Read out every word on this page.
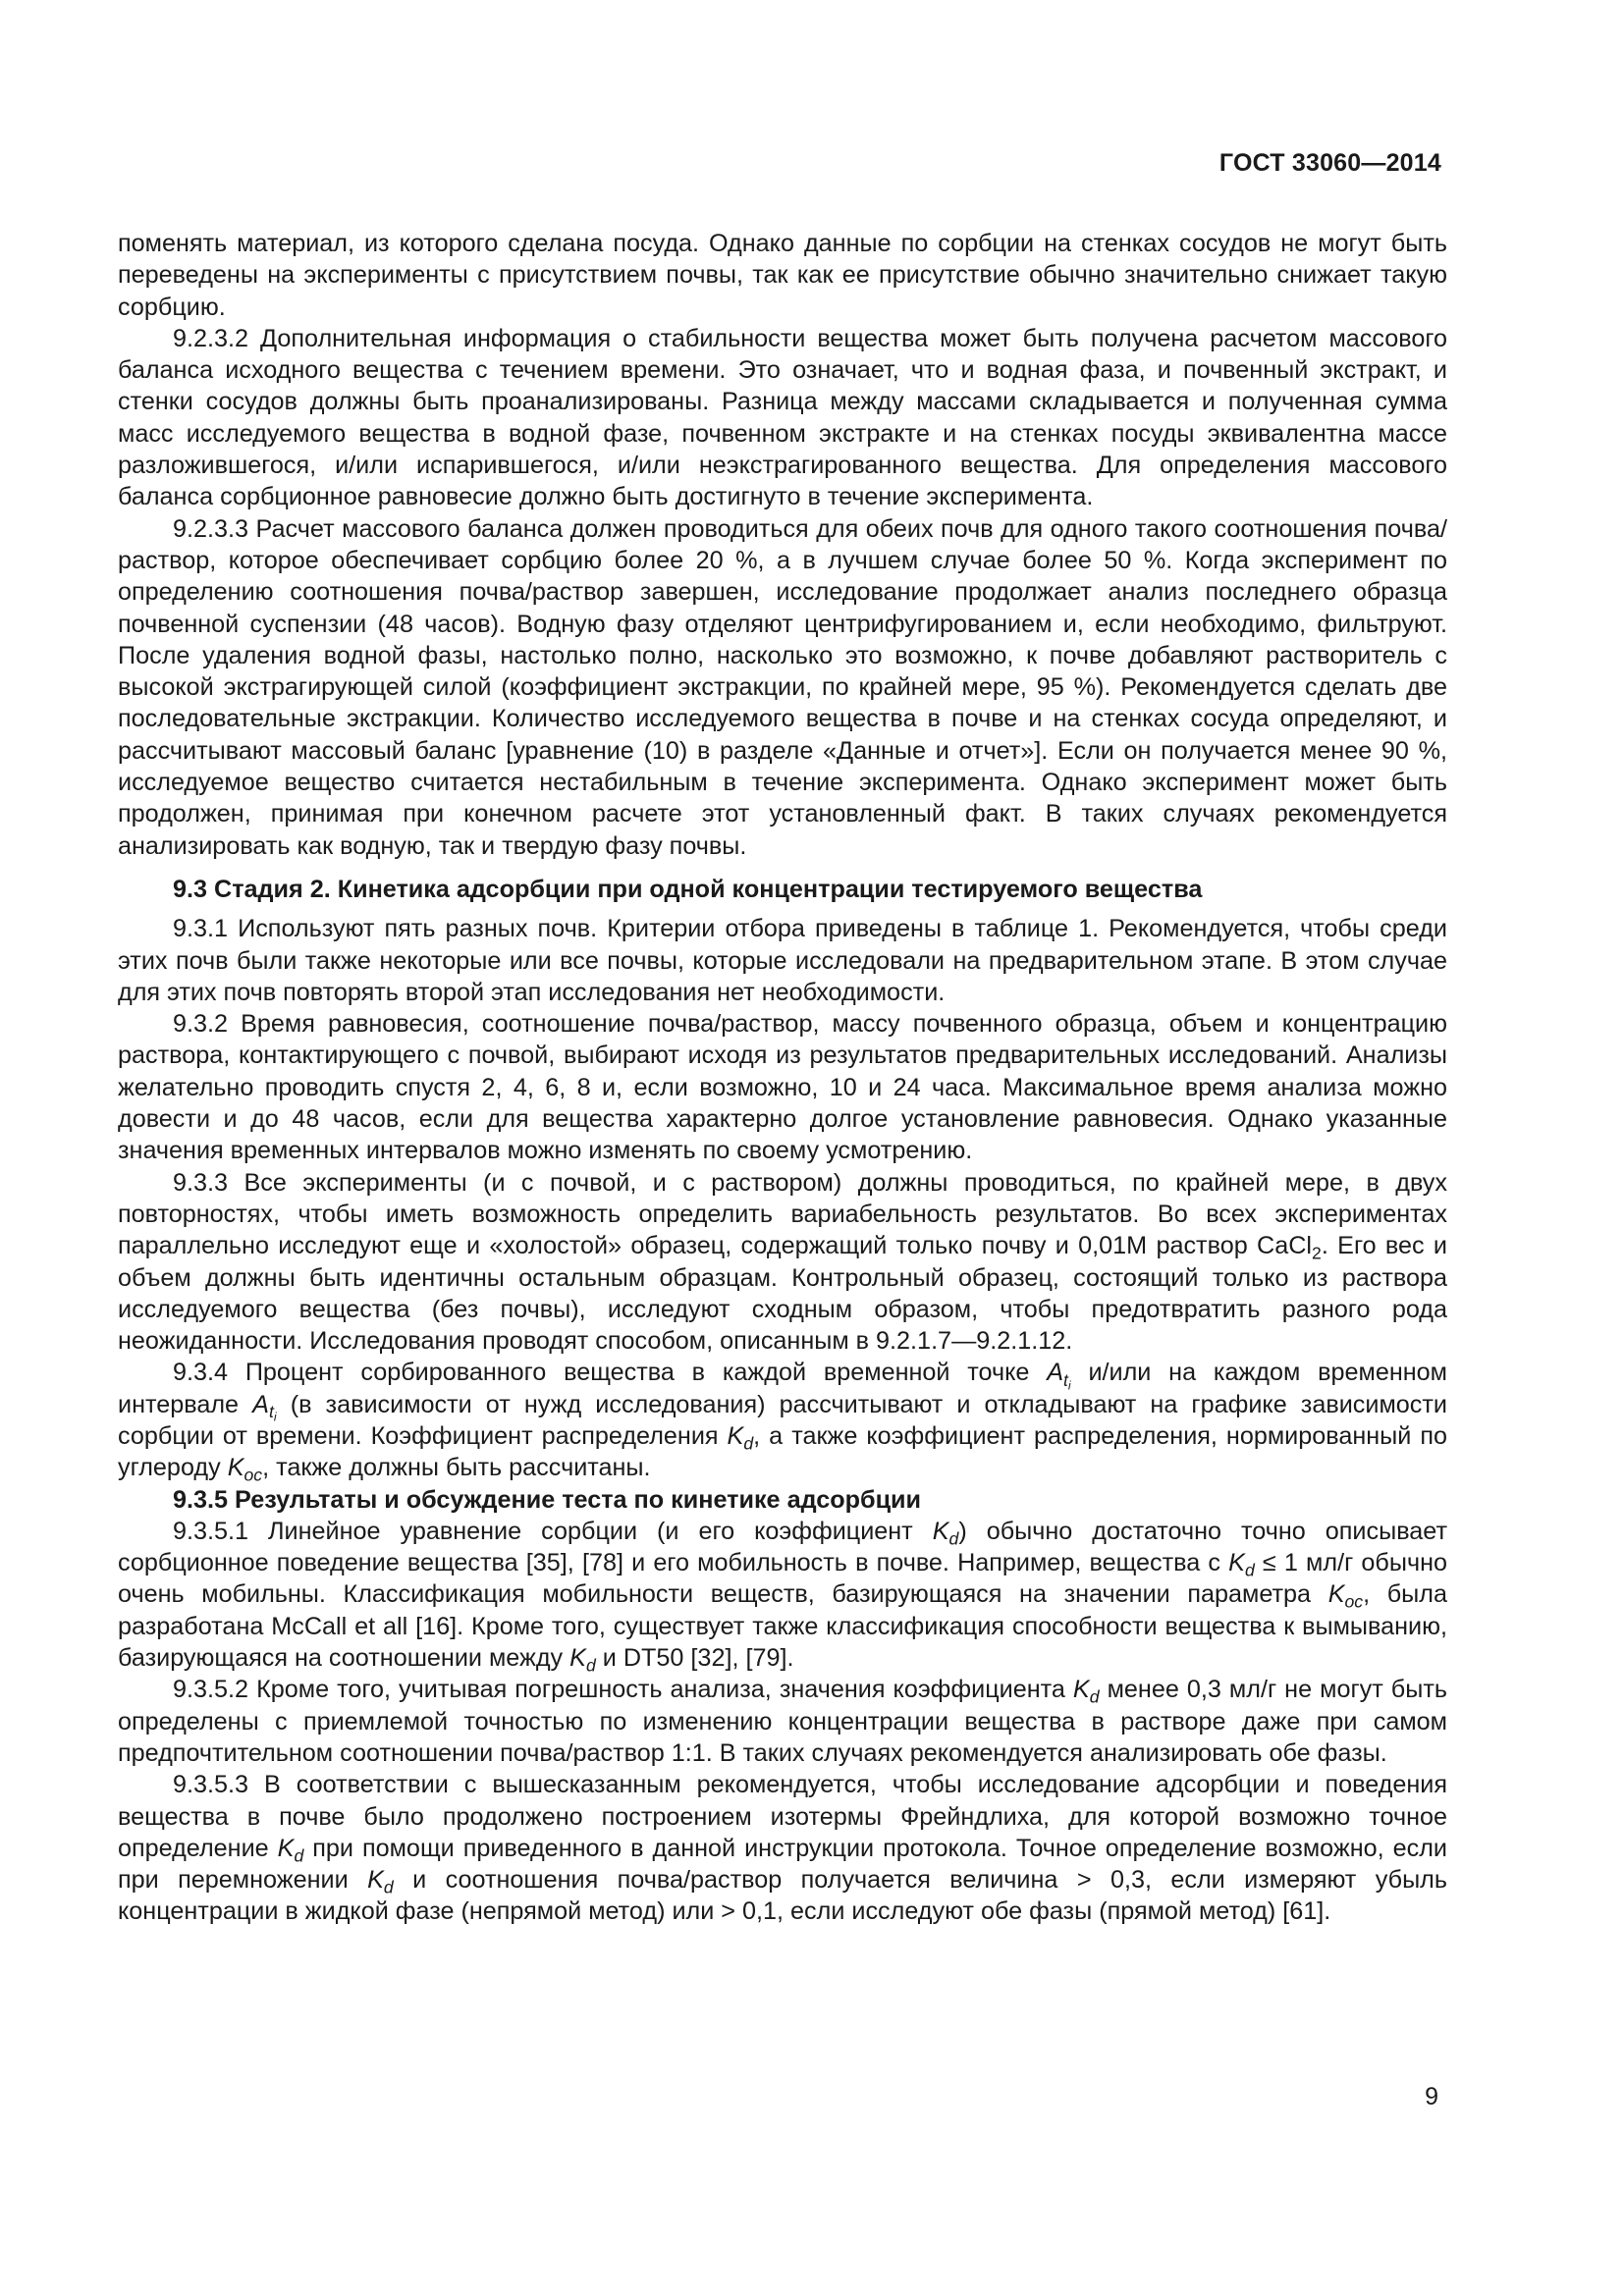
ГОСТ 33060—2014

поменять материал, из которого сделана посуда. Однако данные по сорбции на стенках сосудов не могут быть переведены на эксперименты с присутствием почвы, так как ее присутствие обычно значительно снижает такую сорбцию.

9.2.3.2 Дополнительная информация о стабильности вещества может быть получена расчетом массового баланса исходного вещества с течением времени. Это означает, что и водная фаза, и почвенный экстракт, и стенки сосудов должны быть проанализированы. Разница между массами складывается и полученная сумма масс исследуемого вещества в водной фазе, почвенном экстракте и на стенках посуды эквивалентна массе разложившегося, и/или испарившегося, и/или неэкстрагированного вещества. Для определения массового баланса сорбционное равновесие должно быть достигнуто в течение эксперимента.

9.2.3.3 Расчет массового баланса должен проводиться для обеих почв для одного такого соотношения почва/раствор, которое обеспечивает сорбцию более 20 %, а в лучшем случае более 50 %. Когда эксперимент по определению соотношения почва/раствор завершен, исследование продолжает анализ последнего образца почвенной суспензии (48 часов). Водную фазу отделяют центрифугированием и, если необходимо, фильтруют. После удаления водной фазы, настолько полно, насколько это возможно, к почве добавляют растворитель с высокой экстрагирующей силой (коэффициент экстракции, по крайней мере, 95 %). Рекомендуется сделать две последовательные экстракции. Количество исследуемого вещества в почве и на стенках сосуда определяют, и рассчитывают массовый баланс [уравнение (10) в разделе «Данные и отчет»]. Если он получается менее 90 %, исследуемое вещество считается нестабильным в течение эксперимента. Однако эксперимент может быть продолжен, принимая при конечном расчете этот установленный факт. В таких случаях рекомендуется анализировать как водную, так и твердую фазу почвы.

9.3 Стадия 2. Кинетика адсорбции при одной концентрации тестируемого вещества

9.3.1 Используют пять разных почв. Критерии отбора приведены в таблице 1. Рекомендуется, чтобы среди этих почв были также некоторые или все почвы, которые исследовали на предварительном этапе. В этом случае для этих почв повторять второй этап исследования нет необходимости.

9.3.2 Время равновесия, соотношение почва/раствор, массу почвенного образца, объем и концентрацию раствора, контактирующего с почвой, выбирают исходя из результатов предварительных исследований. Анализы желательно проводить спустя 2, 4, 6, 8 и, если возможно, 10 и 24 часа. Максимальное время анализа можно довести и до 48 часов, если для вещества характерно долгое установление равновесия. Однако указанные значения временных интервалов можно изменять по своему усмотрению.

9.3.3 Все эксперименты (и с почвой, и с раствором) должны проводиться, по крайней мере, в двух повторностях, чтобы иметь возможность определить вариабельность результатов. Во всех экспериментах параллельно исследуют еще и «холостой» образец, содержащий только почву и 0,01M раствор CaCl$_2$. Его вес и объем должны быть идентичны остальным образцам. Контрольный образец, состоящий только из раствора исследуемого вещества (без почвы), исследуют сходным образом, чтобы предотвратить разного рода неожиданности. Исследования проводят способом, описанным в 9.2.1.7—9.2.1.12.

9.3.4 Процент сорбированного вещества в каждой временной точке $A_{t_i}$ и/или на каждом временном интервале $A_{t_i}$ (в зависимости от нужд исследования) рассчитывают и откладывают на графике зависимости сорбции от времени. Коэффициент распределения $K_d$, а также коэффициент распределения, нормированный по углероду $K_{oc}$, также должны быть рассчитаны.

9.3.5 Результаты и обсуждение теста по кинетике адсорбции

9.3.5.1 Линейное уравнение сорбции (и его коэффициент $K_d$) обычно достаточно точно описывает сорбционное поведение вещества [35], [78] и его мобильность в почве. Например, вещества с $K_d \le 1$ мл/г обычно очень мобильны. Классификация мобильности веществ, базирующаяся на значении параметра $K_{oc}$, была разработана McCall et all [16]. Кроме того, существует также классификация способности вещества к вымыванию, базирующаяся на соотношении между $K_d$ и DT50 [32], [79].

9.3.5.2 Кроме того, учитывая погрешность анализа, значения коэффициента $K_d$ менее 0,3 мл/г не могут быть определены с приемлемой точностью по изменению концентрации вещества в растворе даже при самом предпочтительном соотношении почва/раствор 1:1. В таких случаях рекомендуется анализировать обе фазы.

9.3.5.3 В соответствии с вышесказанным рекомендуется, чтобы исследование адсорбции и поведения вещества в почве было продолжено построением изотермы Фрейндлиха, для которой возможно точное определение $K_d$ при помощи приведенного в данной инструкции протокола. Точное определение возможно, если при перемножении $K_d$ и соотношения почва/раствор получается величина > 0,3, если измеряют убыль концентрации в жидкой фазе (непрямой метод) или > 0,1, если исследуют обе фазы (прямой метод) [61].

9
